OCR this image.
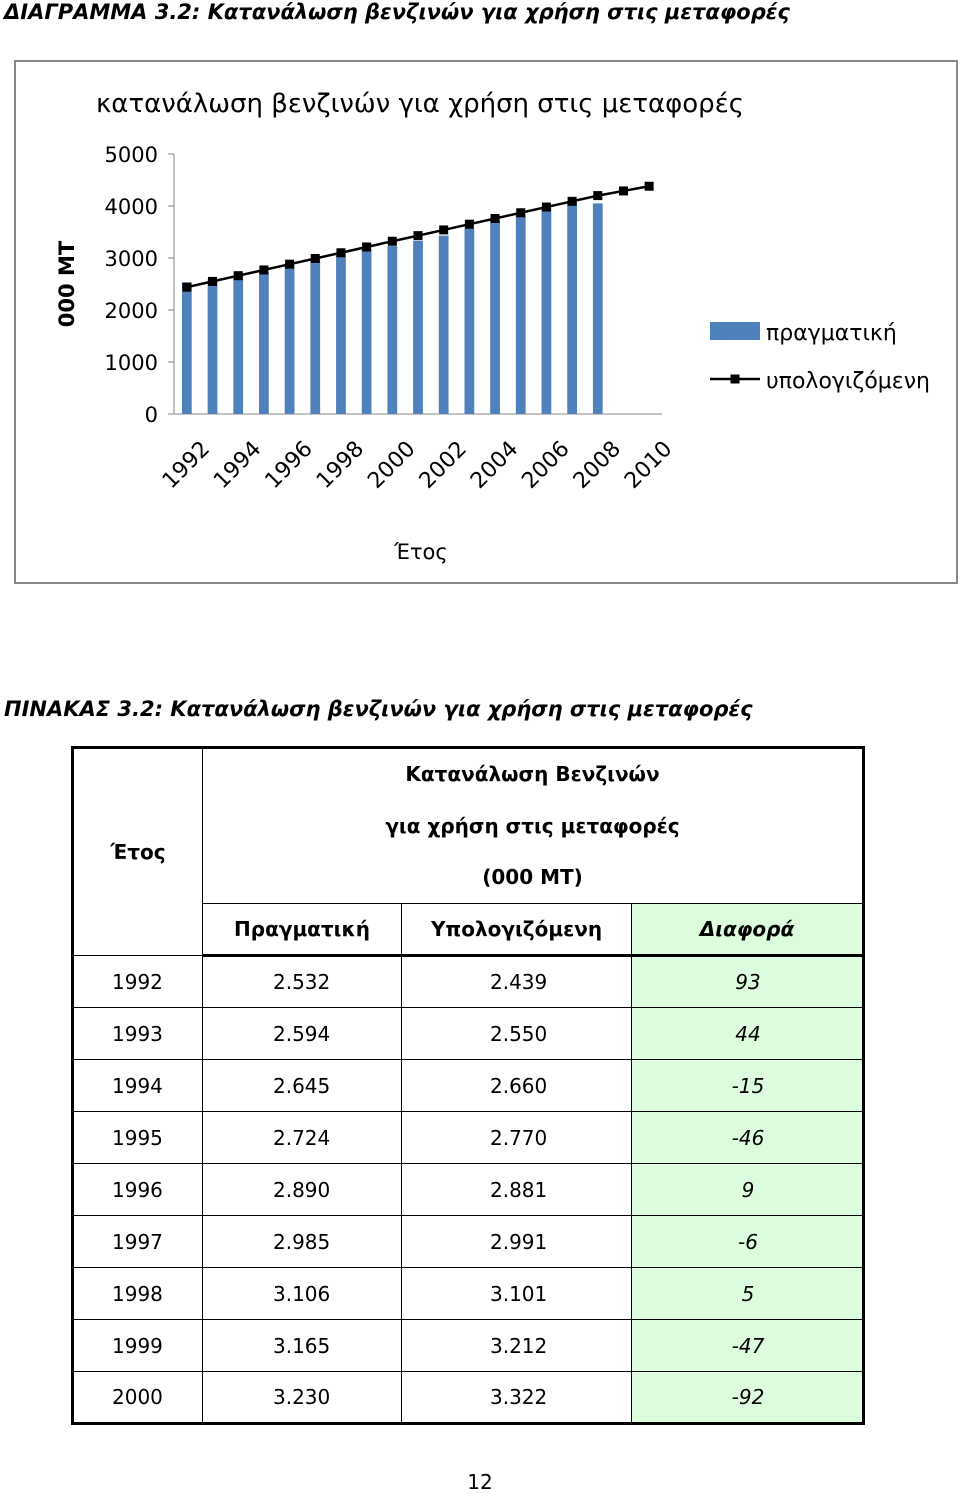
ΔΙΑΓΡΑΜΜΑ 3.2: Κατανάλωση βενζινών για χρήση στις μεταφορές
κατανάλωση βενζινών για χρήση στις μεταφορές
000 MT
0
1000
2000
3000
4000
5000
1992
1994
1996
1998
2000
2002
2004
2006
2008
2010
Έτος
πραγματική
υπολογιζόμενη
ΠΙΝΑΚΑΣ 3.2: Κατανάλωση βενζινών για χρήση στις μεταφορές
Έτος	Κατανάλωση Βενζινών		
	για χρήση στις μεταφορές		
	(000 MT)		
	Πραγματική	Υπολογιζόμενη	Διαφορά
1992	2.532	2.439	93
1993	2.594	2.550	44
1994	2.645	2.660	-15
1995	2.724	2.770	-46
1996	2.890	2.881	9
1997	2.985	2.991	-6
1998	3.106	3.101	5
1999	3.165	3.212	-47
2000	3.230	3.322	-92
12
